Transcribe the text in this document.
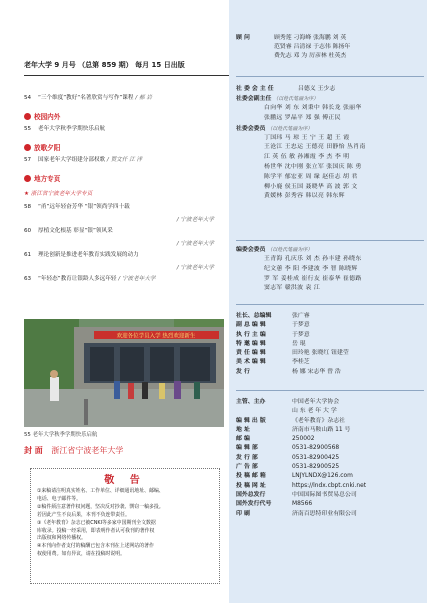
老年大学 9 月号 （总第 859 期） 每月 15 日出版
54 “三个维度”教好“名著欣赏与写作”课程 / 郝 岩
校园内外
55 老年大学秋季学期快乐启航
放歌夕阳
57 国家老年大学组建分部权歌 / 贾文仟 江 洋
地方专页
★ 浙江省宁波老年大学专页
58 “甬”远年轻奋芳华 “银”领尚学四十载
/ 宁波老年大学
60 厚植文化根基 彰显“银”领风采
/ 宁波老年大学
61 理论创新是推进老年教育实践发展的动力
/ 宁波老年大学
63 “年轻态”教育让银龄人多远年轻 / 宁波老年大学
欢迎各位学员入学 热烈欢迎新生
55 老年大学秋季学期快乐启航
封 面 浙江省宁波老年大学
敬 告
①来稿请注明真实姓名、工作单位、详细通讯地址、邮编、
电话、电子邮件等。
②稿件须注意著作权问题，坚决反对抄袭、剽窃一稿多投。
若因此产生不良后果，本刊不负连带责任。
③《老年教育》杂志已被CNKI等多家中国期刊全文数据
库收录。投稿一经采用，即表明作者认可我刊的著作权
出版权和网络传播权。
④本刊向作者支付的稿酬已包含本刊在上述网站的著作
权使用费。如有异议，请在投稿时说明。
顾 问	顾秀莲 刁海峰 张海鹏 刘 英
范贤睿 吕清禄 于志伟 陈扬年
费先志 邓 为 厉彦林 杜英杰
社 委 会 主 任	吕德义 王少志
社委会副主任 （以姓氏笔画为序）
白向华 刘 东 刘秉中 韩长龙 张丽华
张鹏远 罗晶平 郑 强 傅正民
社委会委员 （以姓氏笔画为序）
丁国玮 马 琼 王 宁 王 超 王 霞
王沧江 王忠运 王德亮 田静怡 丛肖南
江 英 伍 敏 孙湘霞 李 杰 李 明
杨世华 沈中刚 张立军 张国庆 陈 勇
陈学平 郁宏亚 周 缘 赵佳志 胡 君
柳小鹿 侯玉国 聂晓华 高 波 郭 文
黄媛林 彭秀容 韩以亮 韩东辉
编委会委员 （以姓氏笔画为序）
王青海 孔庆乐 刘 杰 孙丰建 孙晓东
纪文蕙 李 阳 李建波 李 智 陈晓辉
罗 军 姜桂成 崔行友 崔泰华 崔德路
窦志军 赣洪波 袁 江
社长、总编辑	张广睿
副 总 编 辑	于梦意
执 行 主 编	于梦意
特 邀 编 辑	岳 琨
责 任 编 辑	田玲艳 张晓红 钮建莹
美 术 编 辑	李桂芝
发 行	杨 娜 宋志华 曾 浩
主管、主办	中国老年大学协会
山 东 老 年 大 学
编 辑 出 版	《老年教育》杂志社
地 址	济南市马鞍山路 11 号
邮 编	250002
编 辑 部	0531-82900568
发 行 部	0531-82900425
广 告 部	0531-82900525
投 稿 邮 箱	LNJYLNDX@126.com
投 稿 网 址	https://lndx.cbpt.cnki.net
国外总发行	中国国际图书贸易总公司
国外发行代号	M8566
印 刷	济南百思特印业有限公司
